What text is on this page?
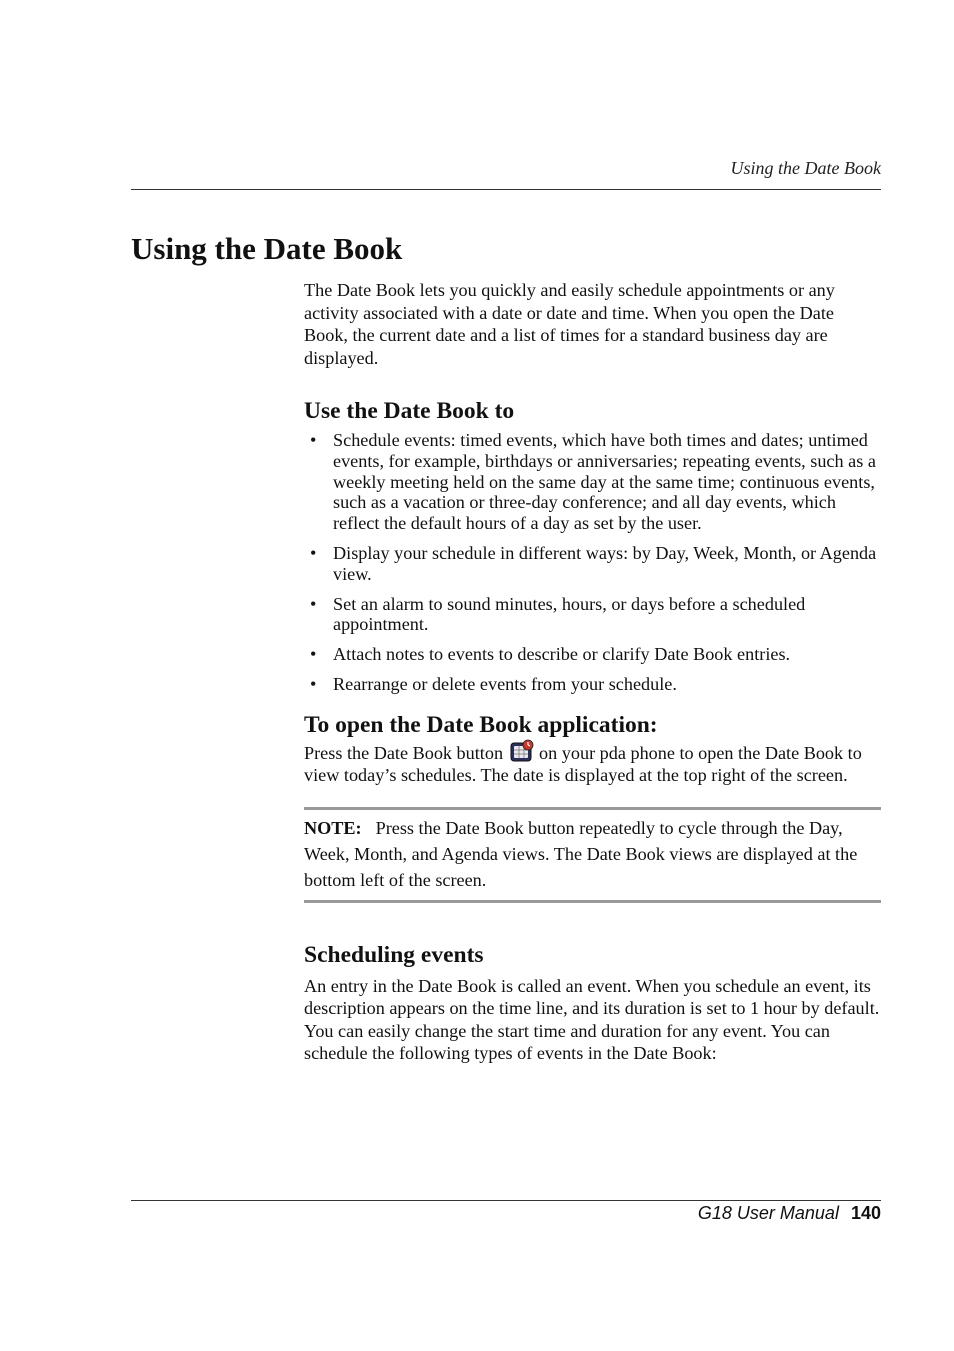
Using the Date Book
Using the Date Book

The Date Book lets you quickly and easily schedule appointments or any activity associated with a date or date and time. When you open the Date Book, the current date and a list of times for a standard business day are displayed.

Use the Date Book to
• Schedule events: timed events, which have both times and dates; untimed events, for example, birthdays or anniversaries; repeating events, such as a weekly meeting held on the same day at the same time; continuous events, such as a vacation or three-day conference; and all day events, which reflect the default hours of a day as set by the user.
• Display your schedule in different ways: by Day, Week, Month, or Agenda view.
• Set an alarm to sound minutes, hours, or days before a scheduled appointment.
• Attach notes to events to describe or clarify Date Book entries.
• Rearrange or delete events from your schedule.
To open the Date Book application:

Press the Date Book button on your pda phone to open the Date Book to view today’s schedules. The date is displayed at the top right of the screen.

NOTE: Press the Date Book button repeatedly to cycle through the Day, Week, Month, and Agenda views. The Date Book views are displayed at the bottom left of the screen.
Scheduling events

An entry in the Date Book is called an event. When you schedule an event, its description appears on the time line, and its duration is set to 1 hour by default. You can easily change the start time and duration for any event. You can schedule the following types of events in the Date Book:

G18 User Manual 140
